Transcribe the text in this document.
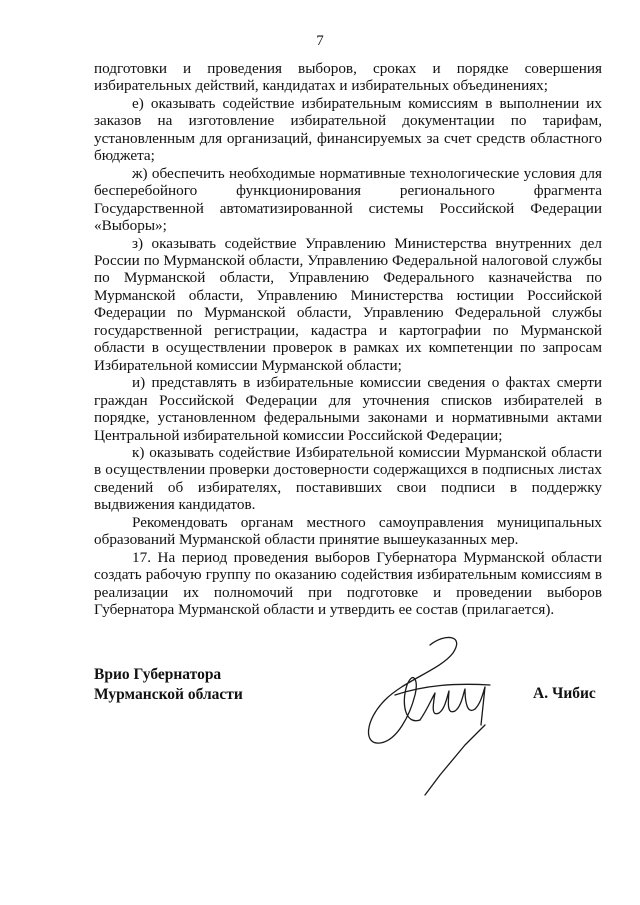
7

подготовки и проведения выборов, сроках и порядке совершения избирательных действий, кандидатах и избирательных объединениях;

е) оказывать содействие избирательным комиссиям в выполнении их заказов на изготовление избирательной документации по тарифам, установленным для организаций, финансируемых за счет средств областного бюджета;

ж) обеспечить необходимые нормативные технологические условия для бесперебойного функционирования регионального фрагмента Государственной автоматизированной системы Российской Федерации «Выборы»;

з) оказывать содействие Управлению Министерства внутренних дел России по Мурманской области, Управлению Федеральной налоговой службы по Мурманской области, Управлению Федерального казначейства по Мурманской области, Управлению Министерства юстиции Российской Федерации по Мурманской области, Управлению Федеральной службы государственной регистрации, кадастра и картографии по Мурманской области в осуществлении проверок в рамках их компетенции по запросам Избирательной комиссии Мурманской области;

и) представлять в избирательные комиссии сведения о фактах смерти граждан Российской Федерации для уточнения списков избирателей в порядке, установленном федеральными законами и нормативными актами Центральной избирательной комиссии Российской Федерации;

к) оказывать содействие Избирательной комиссии Мурманской области в осуществлении проверки достоверности содержащихся в подписных листах сведений об избирателях, поставивших свои подписи в поддержку выдвижения кандидатов.

Рекомендовать органам местного самоуправления муниципальных образований Мурманской области принятие вышеуказанных мер.

17. На период проведения выборов Губернатора Мурманской области создать рабочую группу по оказанию содействия избирательным комиссиям в реализации их полномочий при подготовке и проведении выборов Губернатора Мурманской области и утвердить ее состав (прилагается).

Врио Губернатора
Мурманской области	А. Чибис
